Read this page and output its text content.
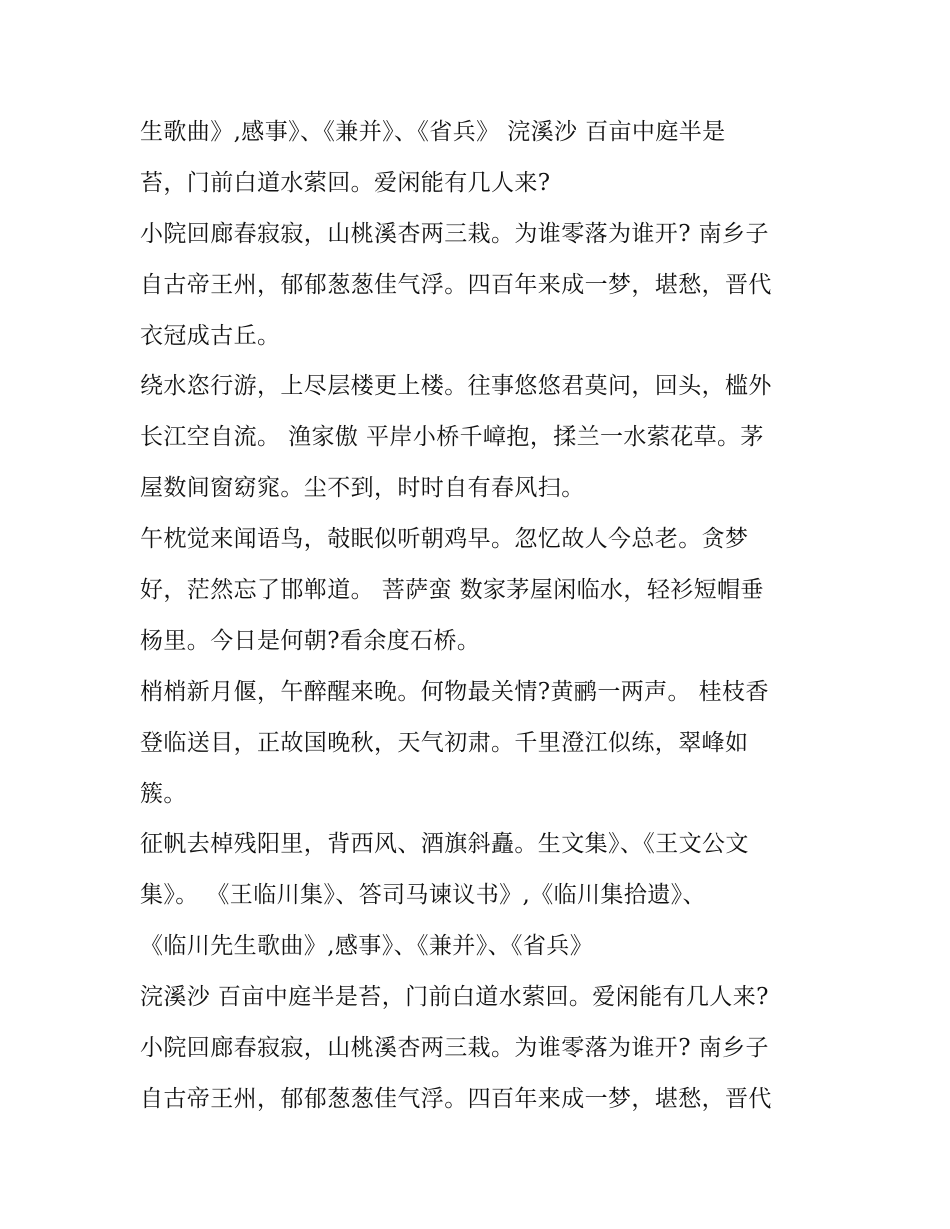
生歌曲》,感事》、《兼并》、《省兵》 浣溪沙 百亩中庭半是
苔，门前白道水萦回。爱闲能有几人来?
小院回廊春寂寂，山桃溪杏两三栽。为谁零落为谁开? 南乡子
自古帝王州，郁郁葱葱佳气浮。四百年来成一梦，堪愁，晋代
衣冠成古丘。
绕水恣行游，上尽层楼更上楼。往事悠悠君莫问，回头，槛外
长江空自流。 渔家傲 平岸小桥千嶂抱，揉兰一水萦花草。茅
屋数间窗窈窕。尘不到，时时自有春风扫。
午枕觉来闻语鸟，攲眠似听朝鸡早。忽忆故人今总老。贪梦
好，茫然忘了邯郸道。 菩萨蛮 数家茅屋闲临水，轻衫短帽垂
杨里。今日是何朝?看余度石桥。
梢梢新月偃，午醉醒来晚。何物最关情?黄鹂一两声。 桂枝香
登临送目，正故国晚秋，天气初肃。千里澄江似练，翠峰如
簇。
征帆去棹残阳里，背西风、酒旗斜矗。生文集》、《王文公文
集》。 《王临川集》、答司马谏议书》,《临川集拾遗》、
《临川先生歌曲》,感事》、《兼并》、《省兵》
浣溪沙 百亩中庭半是苔，门前白道水萦回。爱闲能有几人来?
小院回廊春寂寂，山桃溪杏两三栽。为谁零落为谁开? 南乡子
自古帝王州，郁郁葱葱佳气浮。四百年来成一梦，堪愁，晋代
